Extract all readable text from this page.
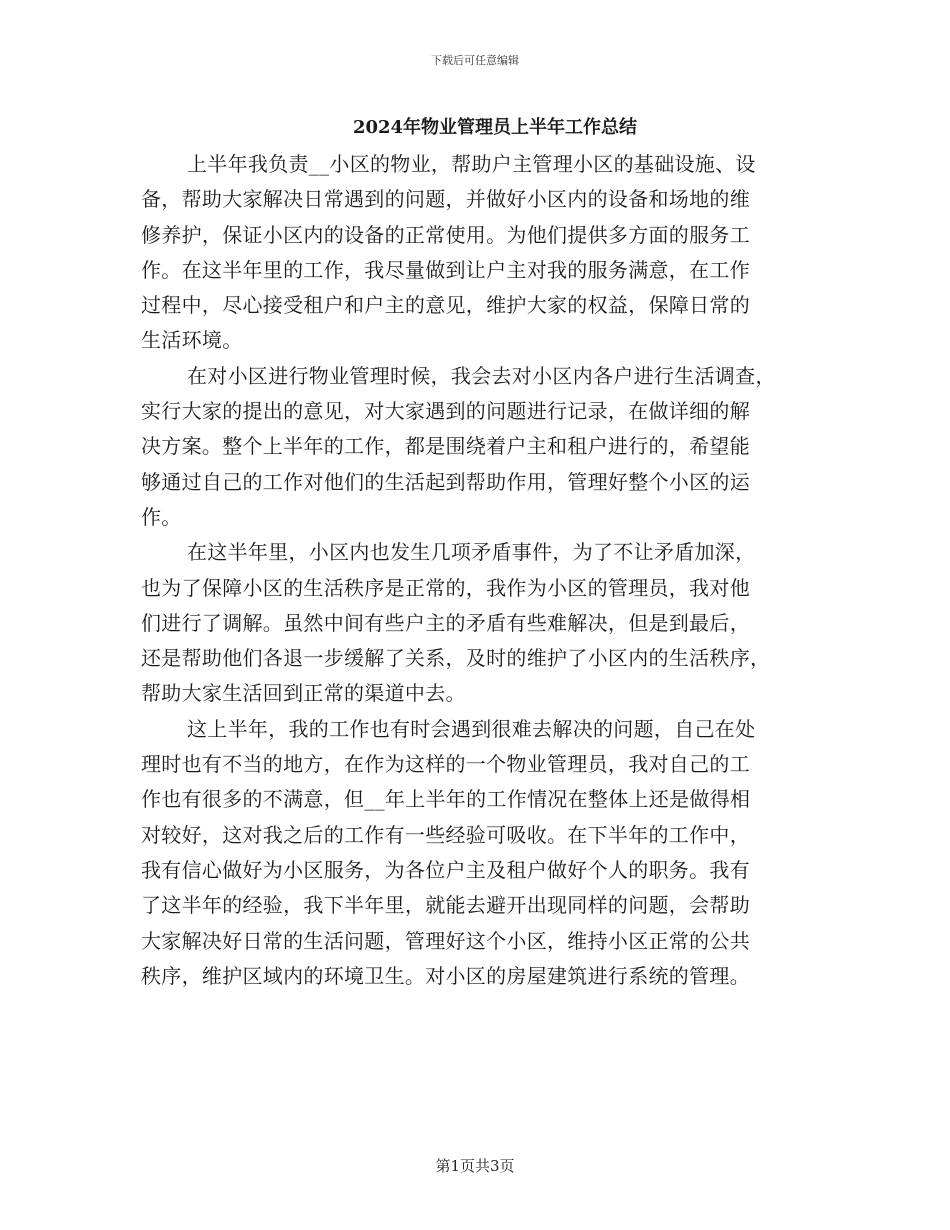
下载后可任意编辑
2024年物业管理员上半年工作总结

上半年我负责__小区的物业，帮助户主管理小区的基础设施、设
备，帮助大家解决日常遇到的问题，并做好小区内的设备和场地的维
修养护，保证小区内的设备的正常使用。为他们提供多方面的服务工
作。在这半年里的工作，我尽量做到让户主对我的服务满意，在工作
过程中，尽心接受租户和户主的意见，维护大家的权益，保障日常的
生活环境。

在对小区进行物业管理时候，我会去对小区内各户进行生活调查，
实行大家的提出的意见，对大家遇到的问题进行记录，在做详细的解
决方案。整个上半年的工作，都是围绕着户主和租户进行的，希望能
够通过自己的工作对他们的生活起到帮助作用，管理好整个小区的运
作。

在这半年里，小区内也发生几项矛盾事件，为了不让矛盾加深，
也为了保障小区的生活秩序是正常的，我作为小区的管理员，我对他
们进行了调解。虽然中间有些户主的矛盾有些难解决，但是到最后，
还是帮助他们各退一步缓解了关系，及时的维护了小区内的生活秩序，
帮助大家生活回到正常的渠道中去。

这上半年，我的工作也有时会遇到很难去解决的问题，自己在处
理时也有不当的地方，在作为这样的一个物业管理员，我对自己的工
作也有很多的不满意，但__年上半年的工作情况在整体上还是做得相
对较好，这对我之后的工作有一些经验可吸收。在下半年的工作中，
我有信心做好为小区服务，为各位户主及租户做好个人的职务。我有
了这半年的经验，我下半年里，就能去避开出现同样的问题，会帮助
大家解决好日常的生活问题，管理好这个小区，维持小区正常的公共
秩序，维护区域内的环境卫生。对小区的房屋建筑进行系统的管理。

第1页共3页
